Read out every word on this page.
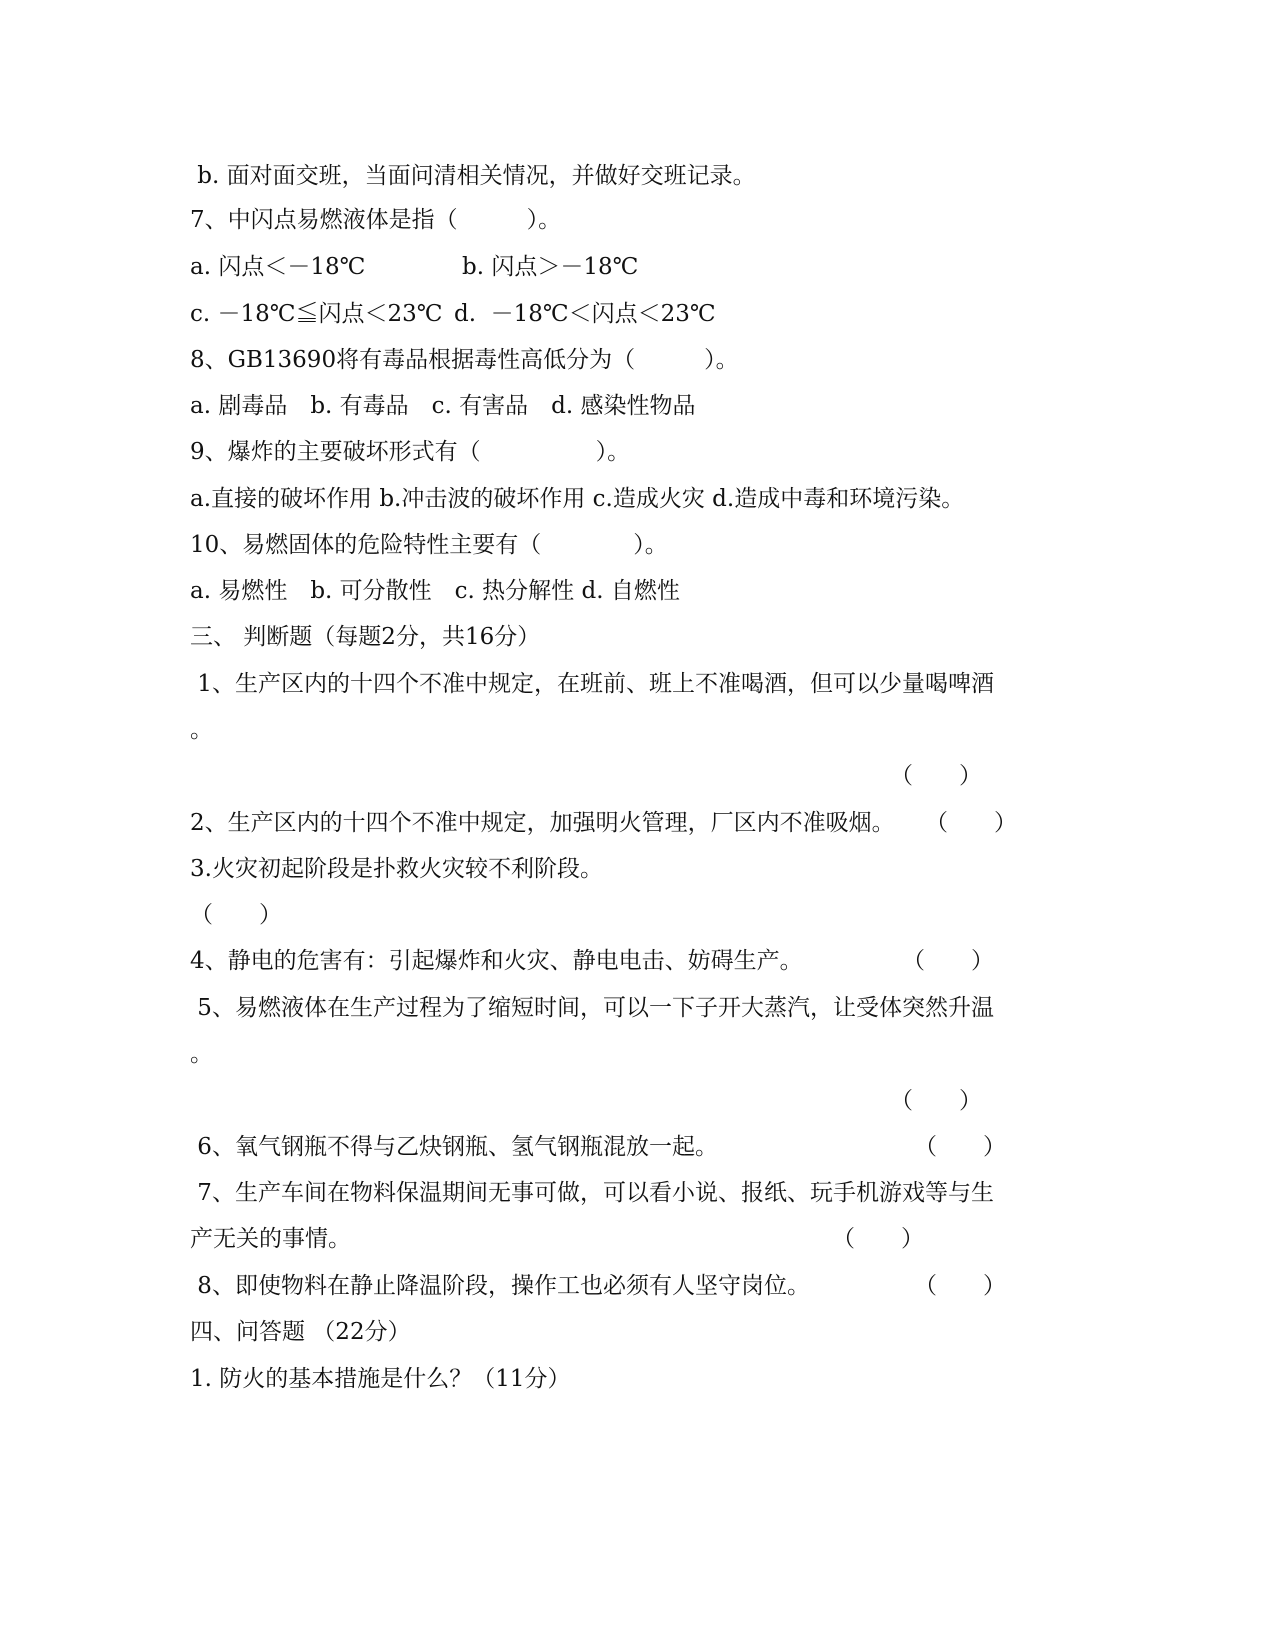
b. 面对面交班，当面问清相关情况，并做好交班记录。
7、中闪点易燃液体是指（　　　）。

a. 闪点＜－18℃

	b. 闪点＞－18℃

c. －18℃≦闪点＜23℃

d.  －18℃＜闪点＜23℃

8、GB13690将有毒品根据毒性高低分为（　　　）。
a. 剧毒品　b. 有毒品　c. 有害品　d. 感染性物品
9、爆炸的主要破坏形式有（　　　　　）。
a.直接的破坏作用 b.冲击波的破坏作用 c.造成火灾 d.造成中毒和环境污染。
10、易燃固体的危险特性主要有（　　　　）。
a. 易燃性　b. 可分散性　c. 热分解性 d. 自燃性
三、 判断题（每题2分，共16分）
1、生产区内的十四个不准中规定，在班前、班上不准喝酒，但可以少量喝啤酒
。

（　　）

2、生产区内的十四个不准中规定，加强明火管理，厂区内不准吸烟。

（　　）

3.火灾初起阶段是扑救火灾较不利阶段。

（　　）

4、静电的危害有：引起爆炸和火灾、静电电击、妨碍生产。

	（　　）

5、易燃液体在生产过程为了缩短时间，可以一下子开大蒸汽，让受体突然升温
。

（　　）

6、氧气钢瓶不得与乙炔钢瓶、氢气钢瓶混放一起。

	（　　）

7、生产车间在物料保温期间无事可做，可以看小说、报纸、玩手机游戏等与生

产无关的事情。

	（　　）

8、即使物料在静止降温阶段，操作工也必须有人坚守岗位。

	（　　）

四、问答题 （22分）
1. 防火的基本措施是什么？（11分）
